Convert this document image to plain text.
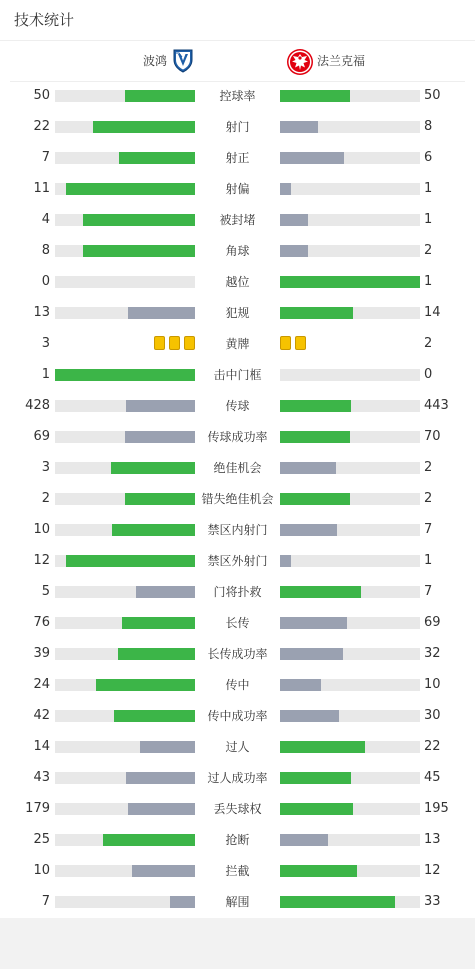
技术统计
波鸿	法兰克福
50	控球率	50
22	射门	8
7	射正	6
11	射偏	1
4	被封堵	1
8	角球	2
0	越位	1
13	犯规	14
3	黄牌	2
1	击中门框	0
428	传球	443
69	传球成功率	70
3	绝佳机会	2
2	错失绝佳机会	2
10	禁区内射门	7
12	禁区外射门	1
5	门将扑救	7
76	长传	69
39	长传成功率	32
24	传中	10
42	传中成功率	30
14	过人	22
43	过人成功率	45
179	丢失球权	195
25	抢断	13
10	拦截	12
7	解围	33
